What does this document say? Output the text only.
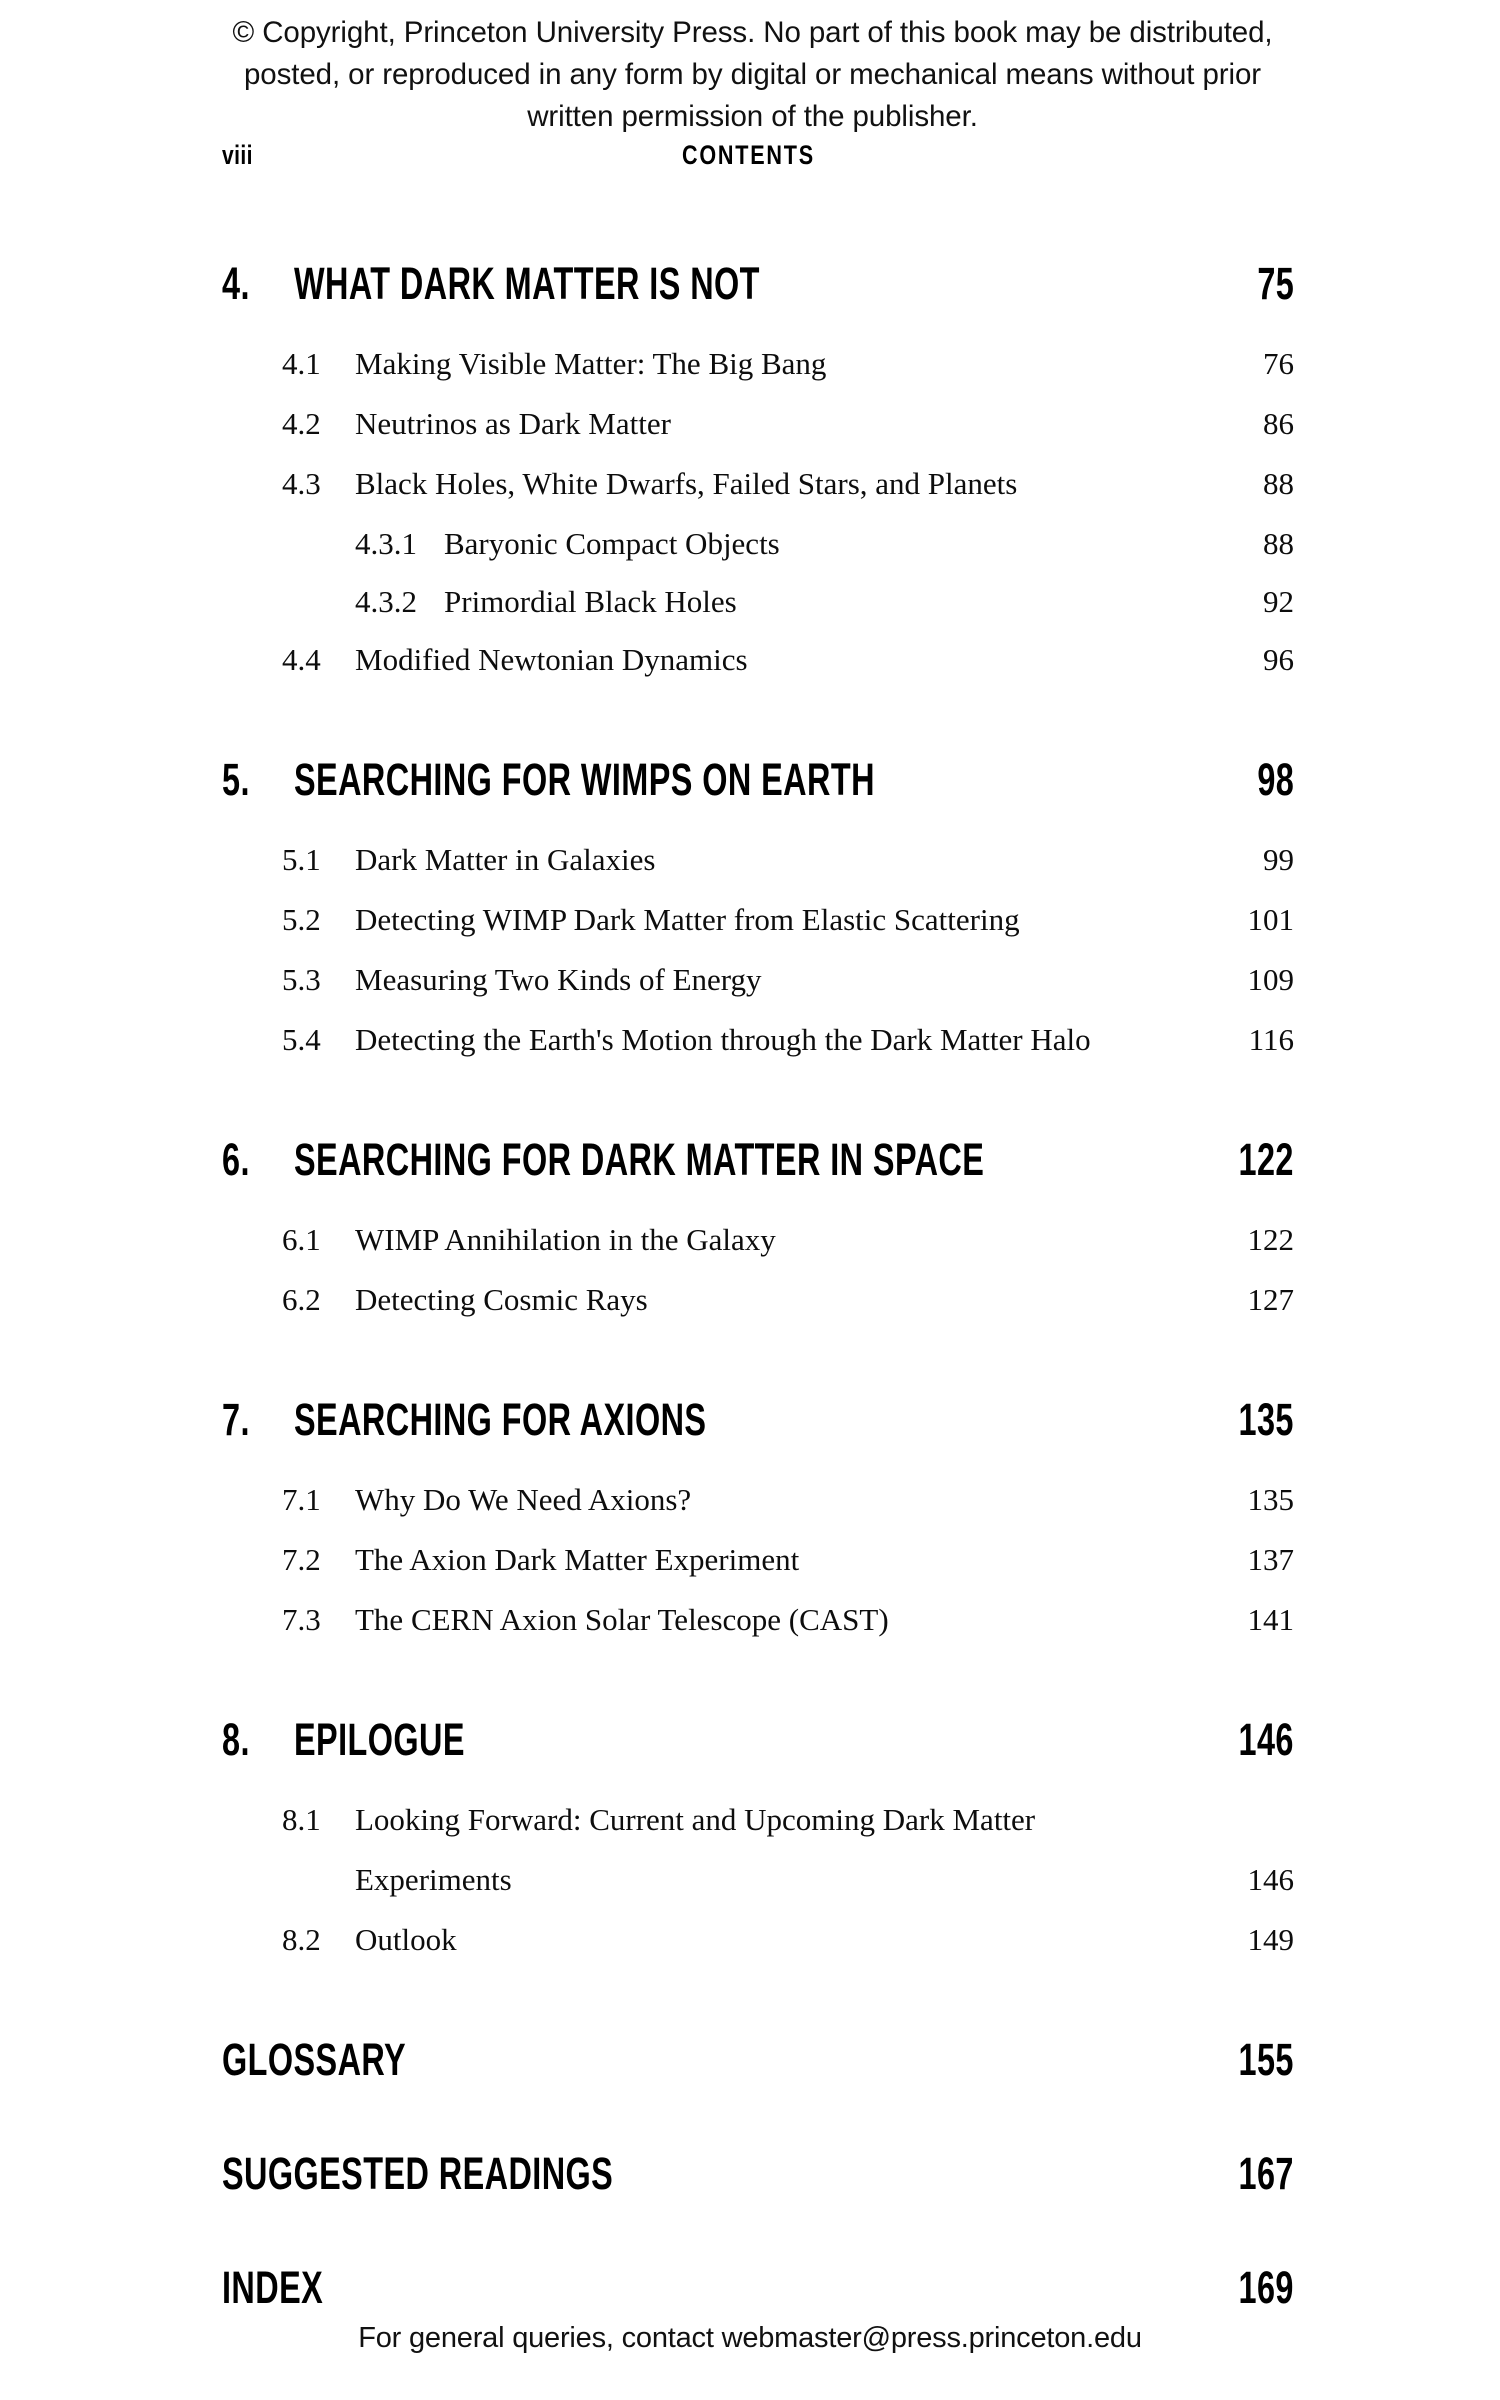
© Copyright, Princeton University Press. No part of this book may be distributed, posted, or reproduced in any form by digital or mechanical means without prior written permission of the publisher.
viii	CONTENTS
4. WHAT DARK MATTER IS NOT	75
4.1 Making Visible Matter: The Big Bang	76
4.2 Neutrinos as Dark Matter	86
4.3 Black Holes, White Dwarfs, Failed Stars, and Planets	88
4.3.1 Baryonic Compact Objects	88
4.3.2 Primordial Black Holes	92
4.4 Modified Newtonian Dynamics	96
5. SEARCHING FOR WIMPS ON EARTH	98
5.1 Dark Matter in Galaxies	99
5.2 Detecting WIMP Dark Matter from Elastic Scattering	101
5.3 Measuring Two Kinds of Energy	109
5.4 Detecting the Earth's Motion through the Dark Matter Halo	116
6. SEARCHING FOR DARK MATTER IN SPACE	122
6.1 WIMP Annihilation in the Galaxy	122
6.2 Detecting Cosmic Rays	127
7. SEARCHING FOR AXIONS	135
7.1 Why Do We Need Axions?	135
7.2 The Axion Dark Matter Experiment	137
7.3 The CERN Axion Solar Telescope (CAST)	141
8. EPILOGUE	146
8.1 Looking Forward: Current and Upcoming Dark Matter
Experiments	146
8.2 Outlook	149
GLOSSARY	155
SUGGESTED READINGS	167
INDEX	169
For general queries, contact webmaster@press.princeton.edu
